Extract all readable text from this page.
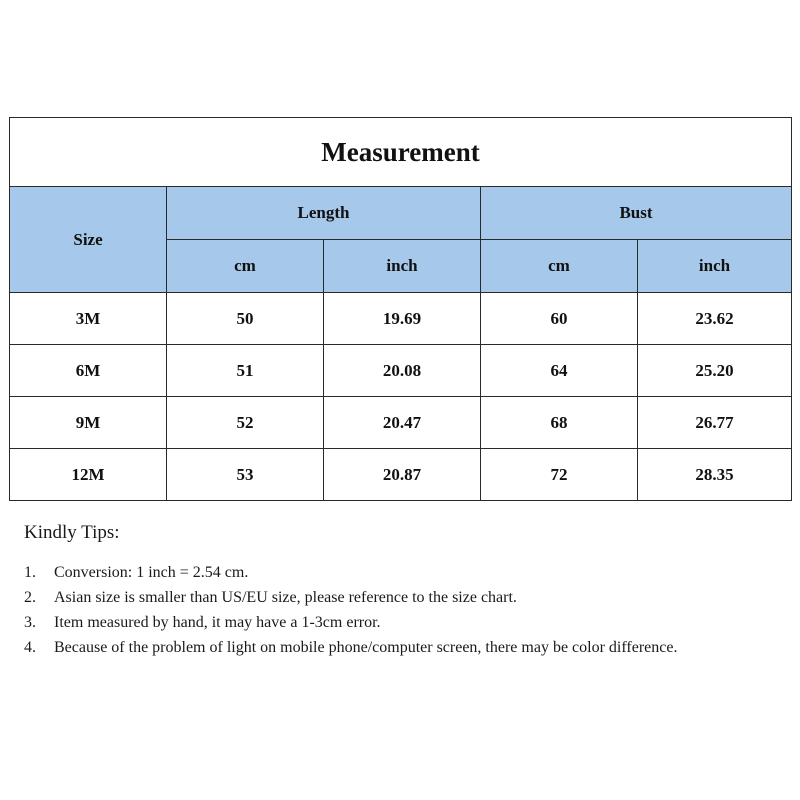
Measurement				
Size	Length		Bust	
	cm	inch	cm	inch
3M	50	19.69	60	23.62
6M	51	20.08	64	25.20
9M	52	20.47	68	26.77
12M	53	20.87	72	28.35
Kindly Tips:
1.	Conversion: 1 inch = 2.54 cm.
2.	Asian size is smaller than US/EU size, please reference to the size chart.
3.	Item measured by hand, it may have a 1-3cm error.
4.	Because of the problem of light on mobile phone/computer screen, there may be color difference.
